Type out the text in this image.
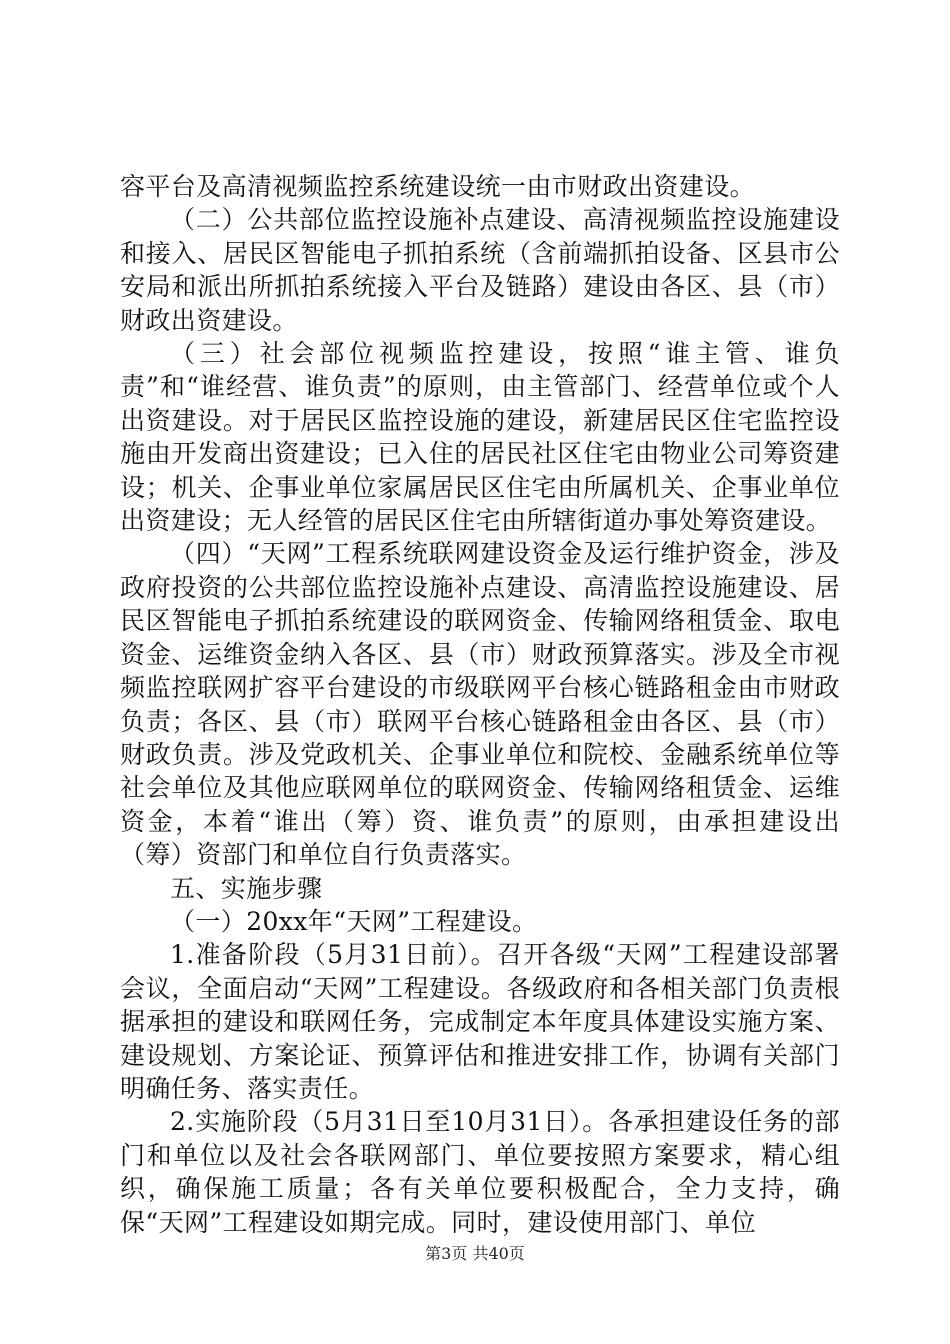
容平台及高清视频监控系统建设统一由市财政出资建设。

（二）公共部位监控设施补点建设、高清视频监控设施建设和接入、居民区智能电子抓拍系统（含前端抓拍设备、区县市公安局和派出所抓拍系统接入平台及链路）建设由各区、县（市）财政出资建设。

（三）社会部位视频监控建设，按照“谁主管、谁负责”和“谁经营、谁负责”的原则，由主管部门、经营单位或个人出资建设。对于居民区监控设施的建设，新建居民区住宅监控设施由开发商出资建设；已入住的居民社区住宅由物业公司筹资建设；机关、企事业单位家属居民区住宅由所属机关、企事业单位出资建设；无人经管的居民区住宅由所辖街道办事处筹资建设。

（四）“天网”工程系统联网建设资金及运行维护资金，涉及政府投资的公共部位监控设施补点建设、高清监控设施建设、居民区智能电子抓拍系统建设的联网资金、传输网络租赁金、取电资金、运维资金纳入各区、县（市）财政预算落实。涉及全市视频监控联网扩容平台建设的市级联网平台核心链路租金由市财政负责；各区、县（市）联网平台核心链路租金由各区、县（市）财政负责。涉及党政机关、企事业单位和院校、金融系统单位等社会单位及其他应联网单位的联网资金、传输网络租赁金、运维资金，本着“谁出（筹）资、谁负责”的原则，由承担建设出（筹）资部门和单位自行负责落实。

五、实施步骤

（一）20xx年“天网”工程建设。

1.准备阶段（5月31日前）。召开各级“天网”工程建设部署会议，全面启动“天网”工程建设。各级政府和各相关部门负责根据承担的建设和联网任务，完成制定本年度具体建设实施方案、建设规划、方案论证、预算评估和推进安排工作，协调有关部门明确任务、落实责任。

2.实施阶段（5月31日至10月31日）。各承担建设任务的部门和单位以及社会各联网部门、单位要按照方案要求，精心组织，确保施工质量；各有关单位要积极配合，全力支持，确保“天网”工程建设如期完成。同时，建设使用部门、单位

第3页 共40页
